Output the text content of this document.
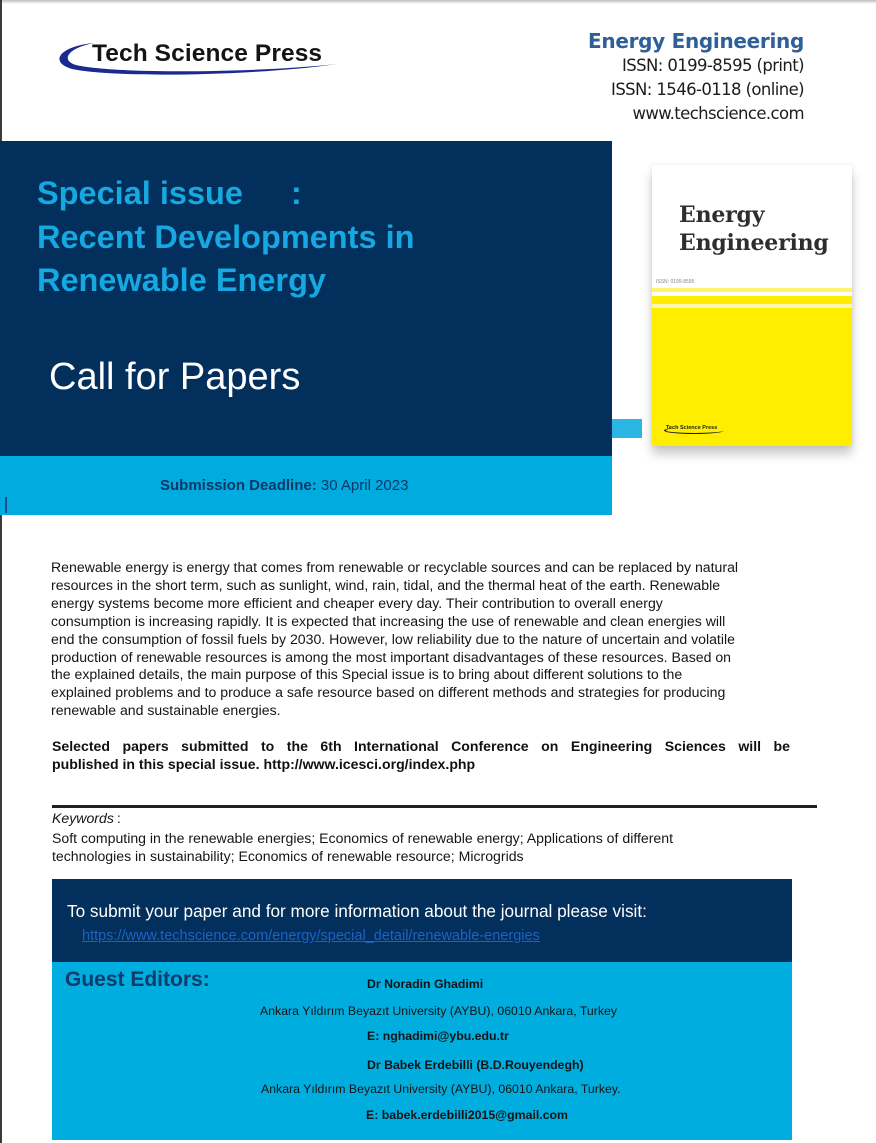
Tech Science Press	Energy Engineering
ISSN: 0199-8595 (print)
ISSN: 1546-0118 (online)
www.techscience.com
Special issue :
Recent Developments in
Renewable Energy
Call for Papers
Submission Deadline: 30 April 2023
Energy
Engineering
ISSN: 0199-8595
Tech Science Press
Renewable energy is energy that comes from renewable or recyclable sources and can be replaced by natural
resources in the short term, such as sunlight, wind, rain, tidal, and the thermal heat of the earth. Renewable
energy systems become more efficient and cheaper every day. Their contribution to overall energy
consumption is increasing rapidly. It is expected that increasing the use of renewable and clean energies will
end the consumption of fossil fuels by 2030. However, low reliability due to the nature of uncertain and volatile
production of renewable resources is among the most important disadvantages of these resources. Based on
the explained details, the main purpose of this Special issue is to bring about different solutions to the
explained problems and to produce a safe resource based on different methods and strategies for producing
renewable and sustainable energies.
Selected papers submitted to the 6th International Conference on Engineering Sciences will be
published in this special issue. http://www.icesci.org/index.php
Keywords :
Soft computing in the renewable energies; Economics of renewable energy; Applications of different
technologies in sustainability; Economics of renewable resource; Microgrids
To submit your paper and for more information about the journal please visit:
https://www.techscience.com/energy/special_detail/renewable-energies
Guest Editors:	Dr Noradin Ghadimi
Ankara Yıldırım Beyazıt University (AYBU), 06010 Ankara, Turkey
E: nghadimi@ybu.edu.tr
Dr Babek Erdebilli (B.D.Rouyendegh)
Ankara Yıldırım Beyazıt University (AYBU), 06010 Ankara, Turkey.
E: babek.erdebilli2015@gmail.com
